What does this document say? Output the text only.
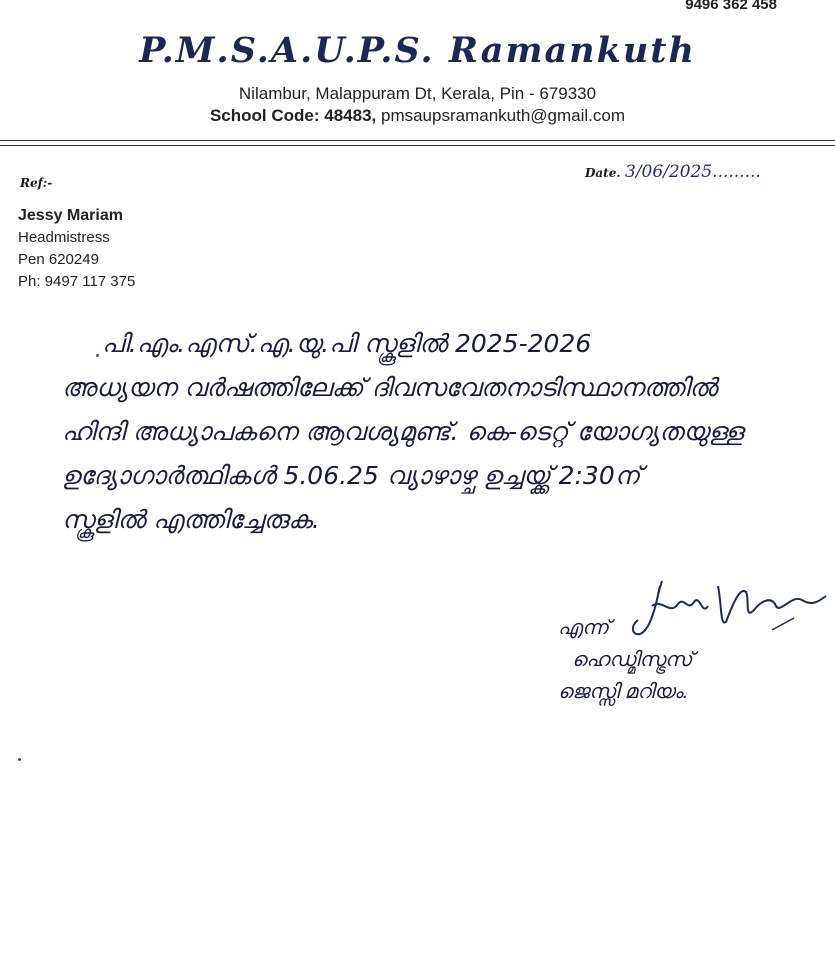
9496 362 458
P.M.S.A.U.P.S. Ramankuth
Nilambur, Malappuram Dt, Kerala, Pin - 679330
School Code: 48483, pmsaupsramankuth@gmail.com
Ref:-
Date. 3/06/2025.........
Jessy Mariam
Headmistress
Pen 620249
Ph: 9497 117 375
പി.എം.എസ്.എ.യു.പി സ്കൂളിൽ 2025-2026
അധ്യയന വർഷത്തിലേക്ക് ദിവസവേതനാടിസ്ഥാനത്തിൽ
ഹിന്ദി അധ്യാപകനെ ആവശ്യമുണ്ട്. കെ-ടെറ്റ് യോഗ്യതയുള്ള
ഉദ്യോഗാർത്ഥികൾ 5.06.25 വ്യാഴാഴ്ച ഉച്ചയ്ക്ക് 2:30ന്
സ്കൂളിൽ എത്തിച്ചേരുക.
എന്ന്
ഹെഡ്മിസ്ട്രസ്
ജെസ്സി മറിയം.
